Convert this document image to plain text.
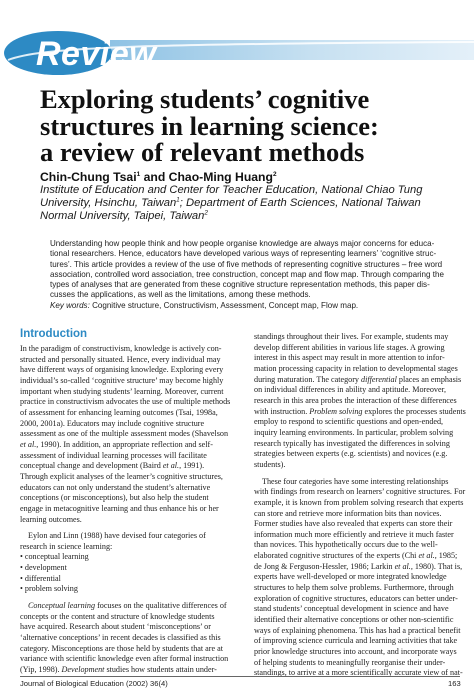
Review
Exploring students’ cognitive
structures in learning science:
a review of relevant methods
Chin-Chung Tsai$^1$ and Chao-Ming Huang$^2$
Institute of Education and Center for Teacher Education, National Chiao Tung
University, Hsinchu, Taiwan$^1$; Department of Earth Sciences, National Taiwan
Normal University, Taipei, Taiwan$^2$
Understanding how people think and how people organise knowledge are always major concerns for educa-
tional researchers. Hence, educators have developed various ways of representing learners’ ‘cognitive struc-
tures’. This article provides a review of the use of five methods of representing cognitive structures – free word
association, controlled word association, tree construction, concept map and flow map. Through comparing the
types of analyses that are generated from these cognitive structure representation methods, this paper dis-
cusses the applications, as well as the limitations, among these methods.
Key words: Cognitive structure, Constructivism, Assessment, Concept map, Flow map.
Introduction
In the paradigm of constructivism, knowledge is actively con-
structed and personally situated. Hence, every individual may
have different ways of organising knowledge. Exploring every
individual’s so-called ‘cognitive structure’ may become highly
important when studying students’ learning. Moreover, current
practice in constructivism advocates the use of multiple methods
of assessment for enhancing learning outcomes (Tsai, 1998a,
2000, 2001a). Educators may include cognitive structure
assessment as one of the multiple assessment modes (Shavelson
et al., 1990). In addition, an appropriate reflection and self-
assessment of individual learning processes will facilitate
conceptual change and development (Baird et al., 1991).
Through explicit analyses of the learner’s cognitive structures,
educators can not only understand the student’s alternative
conceptions (or misconceptions), but also help the student
engage in metacognitive learning and thus enhance his or her
learning outcomes.
Eylon and Linn (1988) have devised four categories of
research in science learning:
• conceptual learning
• development
• differential
• problem solving
Conceptual learning focuses on the qualitative differences of
concepts or the content and structure of knowledge students
have acquired. Research about student ‘misconceptions’ or
‘alternative conceptions’ in recent decades is classified as this
category. Misconceptions are those held by students that are at
variance with scientific knowledge even after formal instruction
(Yip, 1998). Development studies how students attain under-
standings throughout their lives. For example, students may
develop different abilities in various life stages. A growing
interest in this aspect may result in more attention to infor-
mation processing capacity in relation to developmental stages
during maturation. The category differential places an emphasis
on individual differences in ability and aptitude. Moreover,
research in this area probes the interaction of these differences
with instruction. Problem solving explores the processes students
employ to respond to scientific questions and open-ended,
inquiry learning environments. In particular, problem solving
research typically has investigated the differences in solving
strategies between experts (e.g. scientists) and novices (e.g.
students).
These four categories have some interesting relationships
with findings from research on learners’ cognitive structures. For
example, it is known from problem solving research that experts
can store and retrieve more information bits than novices.
Former studies have also revealed that experts can store their
information much more efficiently and retrieve it much faster
than novices. This hypothetically occurs due to the well-
elaborated cognitive structures of the experts (Chi et al., 1985;
de Jong & Ferguson-Hessler, 1986; Larkin et al., 1980). That is,
experts have well-developed or more integrated knowledge
structures to help them solve problems. Furthermore, through
exploration of cognitive structures, educators can better under-
stand students’ conceptual development in science and have
identified their alternative conceptions or other non-scientific
ways of explaining phenomena. This has had a practical benefit
of improving science curricula and learning activities that take
prior knowledge structures into account, and incorporate ways
of helping students to meaningfully reorganise their under-
standings, to arrive at a more scientifically accurate view of nat-
Journal of Biological Education (2002) 36(4)	163
